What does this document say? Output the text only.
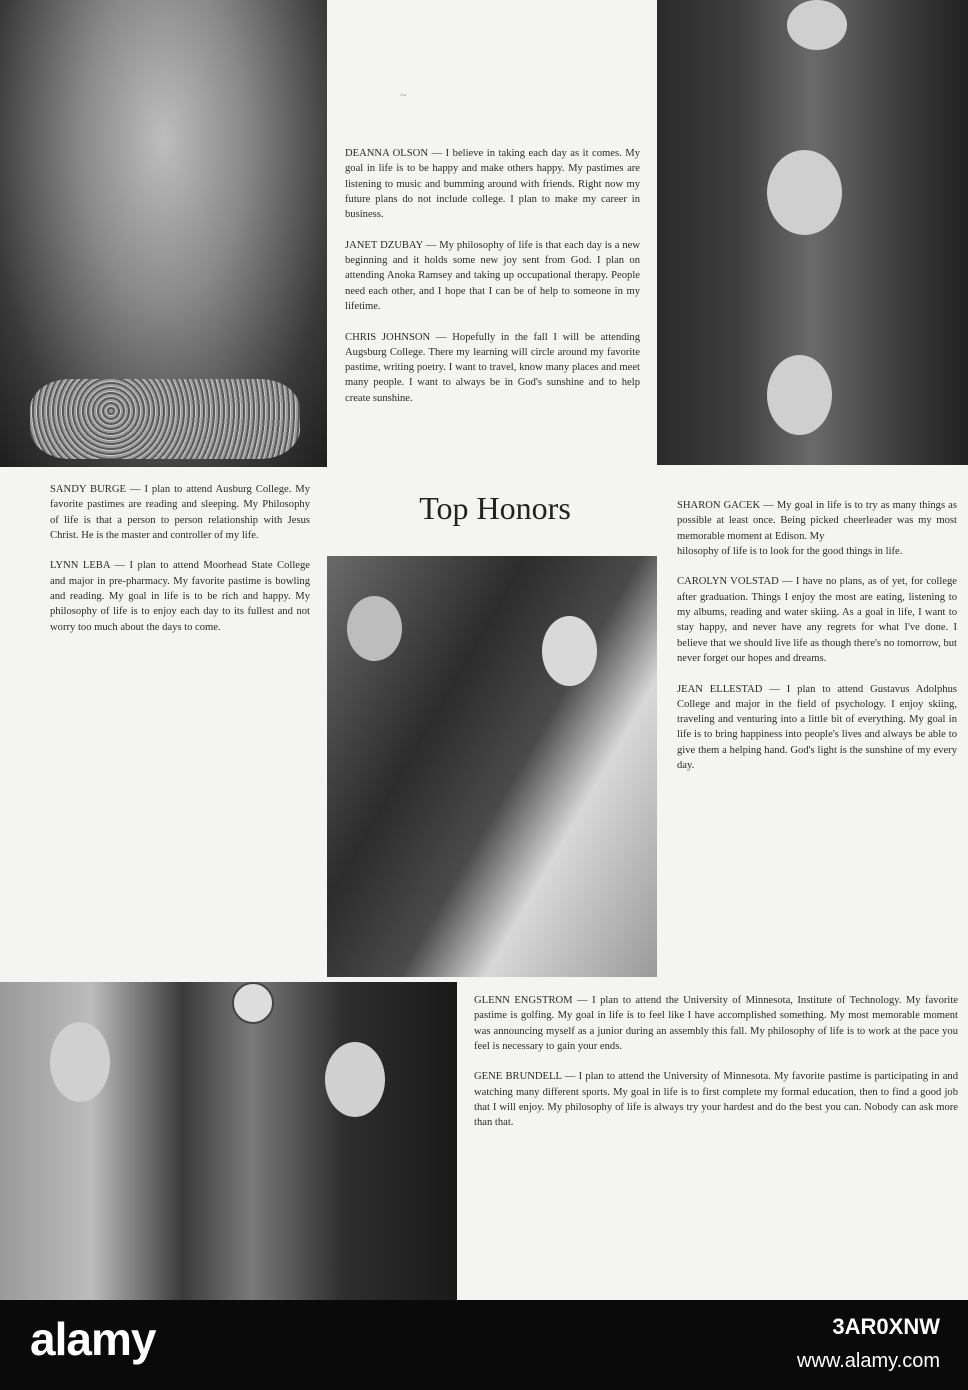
~

DEANNA OLSON — I believe in taking each day as it comes. My goal in life is to be happy and make others happy. My pastimes are listening to music and bumming around with friends. Right now my future plans do not include college. I plan to make my career in business.

JANET DZUBAY — My philosophy of life is that each day is a new beginning and it holds some new joy sent from God. I plan on attending Anoka Ramsey and taking up occupational therapy. People need each other, and I hope that I can be of help to someone in my lifetime.

CHRIS JOHNSON — Hopefully in the fall I will be attending Augsburg College. There my learning will circle around my favorite pastime, writing poetry. I want to travel, know many places and meet many people. I want to always be in God's sunshine and to help create sunshine.

SANDY BURGE — I plan to attend Ausburg College. My favorite pastimes are reading and sleeping. My Philosophy of life is that a person to person relationship with Jesus Christ. He is the master and controller of my life.

LYNN LEBA — I plan to attend Moorhead State College and major in pre-pharmacy. My favorite pastime is bowling and reading. My goal in life is to be rich and happy. My philosophy of life is to enjoy each day to its fullest and not worry too much about the days to come.

Top Honors	SHARON GACEK — My goal in life is to try as many things as possible at least once. Being picked cheerleader was my most memorable moment at Edison. My
hilosophy of life is to look for the good things in life.

CAROLYN VOLSTAD — I have no plans, as of yet, for college after graduation. Things I enjoy the most are eating, listening to my albums, reading and water skiing. As a goal in life, I want to stay happy, and never have any regrets for what I've done. I believe that we should live life as though there's no tomorrow, but never forget our hopes and dreams.

JEAN ELLESTAD — I plan to attend Gustavus Adolphus College and major in the field of psychology. I enjoy skiing, traveling and venturing into a little bit of everything. My goal in life is to bring happiness into people's lives and always be able to give them a helping hand. God's light is the sunshine of my every day.

GLENN ENGSTROM — I plan to attend the University of Minnesota, Institute of Technology. My favorite pastime is golfing. My goal in life is to feel like I have accomplished something. My most memorable moment was announcing myself as a junior during an assembly this fall. My philosophy of life is to work at the pace you feel is necessary to gain your ends.

GENE BRUNDELL — I plan to attend the University of Minnesota. My favorite pastime is participating in and watching many different sports. My goal in life is to first complete my formal education, then to find a good job that I will enjoy. My philosophy of life is always try your hardest and do the best you can. Nobody can ask more than that.

alamy	3AR0XNW
www.alamy.com
